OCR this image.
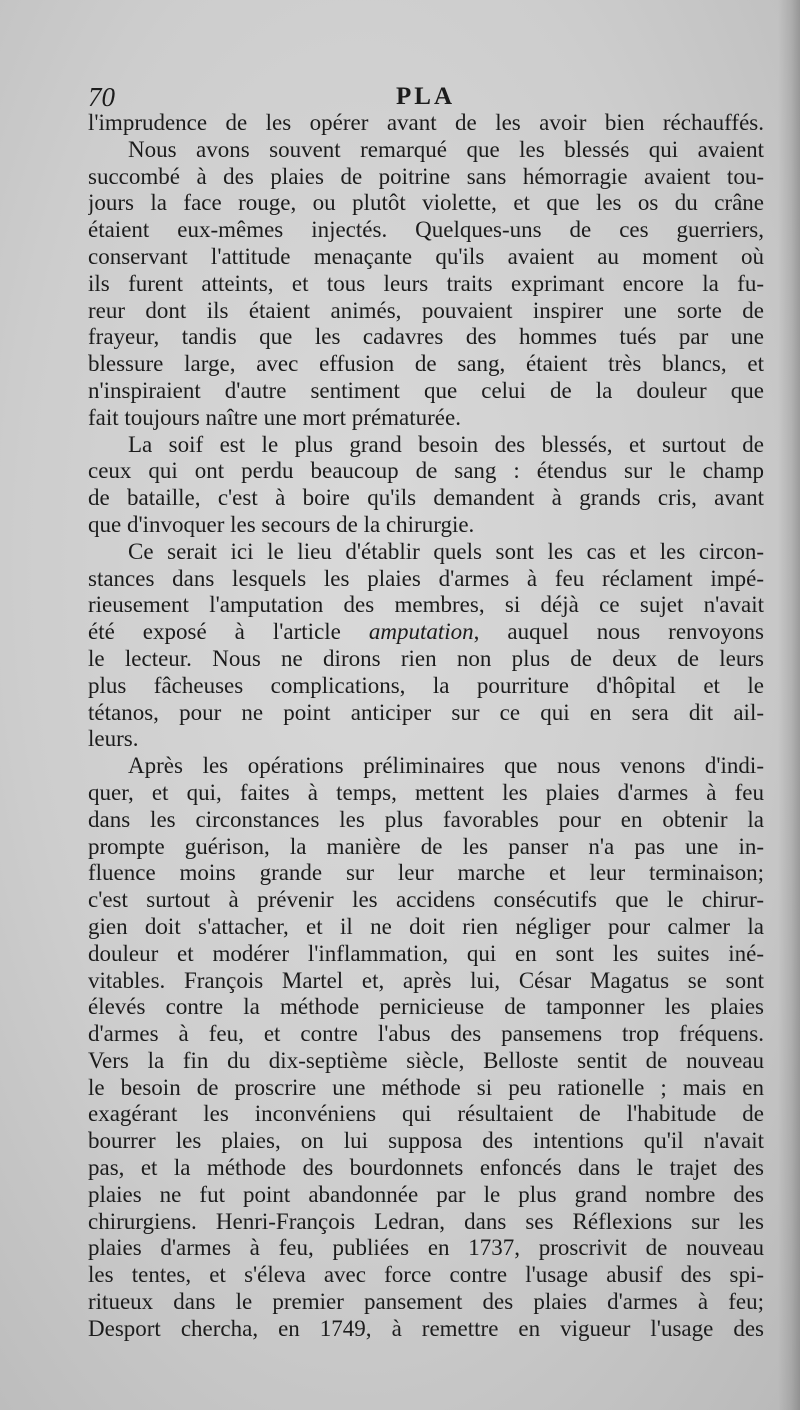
70	PLA
l'imprudence de les opérer avant de les avoir bien réchauffés.
Nous avons souvent remarqué que les blessés qui avaient
succombé à des plaies de poitrine sans hémorragie avaient tou-
jours la face rouge, ou plutôt violette, et que les os du crâne
étaient eux-mêmes injectés. Quelques-uns de ces guerriers,
conservant l'attitude menaçante qu'ils avaient au moment où
ils furent atteints, et tous leurs traits exprimant encore la fu-
reur dont ils étaient animés, pouvaient inspirer une sorte de
frayeur, tandis que les cadavres des hommes tués par une
blessure large, avec effusion de sang, étaient très blancs, et
n'inspiraient d'autre sentiment que celui de la douleur que
fait toujours naître une mort prématurée.
La soif est le plus grand besoin des blessés, et surtout de
ceux qui ont perdu beaucoup de sang : étendus sur le champ
de bataille, c'est à boire qu'ils demandent à grands cris, avant
que d'invoquer les secours de la chirurgie.
Ce serait ici le lieu d'établir quels sont les cas et les circon-
stances dans lesquels les plaies d'armes à feu réclament impé-
rieusement l'amputation des membres, si déjà ce sujet n'avait
été exposé à l'article amputation, auquel nous renvoyons
le lecteur. Nous ne dirons rien non plus de deux de leurs
plus fâcheuses complications, la pourriture d'hôpital et le
tétanos, pour ne point anticiper sur ce qui en sera dit ail-
leurs.
Après les opérations préliminaires que nous venons d'indi-
quer, et qui, faites à temps, mettent les plaies d'armes à feu
dans les circonstances les plus favorables pour en obtenir la
prompte guérison, la manière de les panser n'a pas une in-
fluence moins grande sur leur marche et leur terminaison;
c'est surtout à prévenir les accidens consécutifs que le chirur-
gien doit s'attacher, et il ne doit rien négliger pour calmer la
douleur et modérer l'inflammation, qui en sont les suites iné-
vitables. François Martel et, après lui, César Magatus se sont
élevés contre la méthode pernicieuse de tamponner les plaies
d'armes à feu, et contre l'abus des pansemens trop fréquens.
Vers la fin du dix-septième siècle, Belloste sentit de nouveau
le besoin de proscrire une méthode si peu rationelle ; mais en
exagérant les inconvéniens qui résultaient de l'habitude de
bourrer les plaies, on lui supposa des intentions qu'il n'avait
pas, et la méthode des bourdonnets enfoncés dans le trajet des
plaies ne fut point abandonnée par le plus grand nombre des
chirurgiens. Henri-François Ledran, dans ses Réflexions sur les
plaies d'armes à feu, publiées en 1737, proscrivit de nouveau
les tentes, et s'éleva avec force contre l'usage abusif des spi-
ritueux dans le premier pansement des plaies d'armes à feu;
Desport chercha, en 1749, à remettre en vigueur l'usage des
